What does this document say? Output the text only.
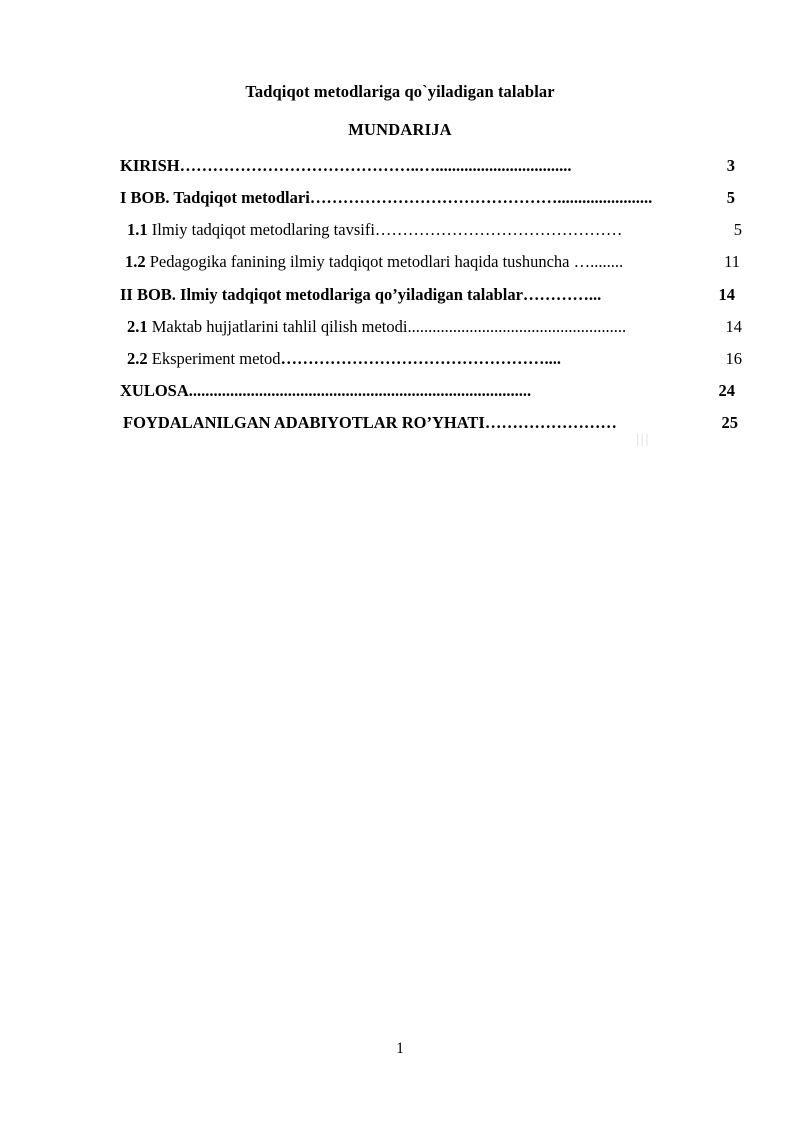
Tadqiqot metodlariga qo`yiladigan talablar
MUNDARIJA
KIRISH……………………………………..….................................	3
I BOB. Tadqiqot metodlari……………………………………….......................	5
1.1 Ilmiy tadqiqot metodlaring tavsifi………………………………………	5
1.2 Pedagogika fanining ilmiy tadqiqot metodlari haqida tushuncha …........	11
II BOB. Ilmiy tadqiqot metodlariga qo’yiladigan talablar…………...	14
2.1 Maktab hujjatlarini tahlil qilish metodi.....................................................	14
2.2 Eksperiment metod…………………………………………....	16
XULOSA...................................................................................	24
FOYDALANILGAN ADABIYOTLAR RO’YHATI……………………	25
|||
1
